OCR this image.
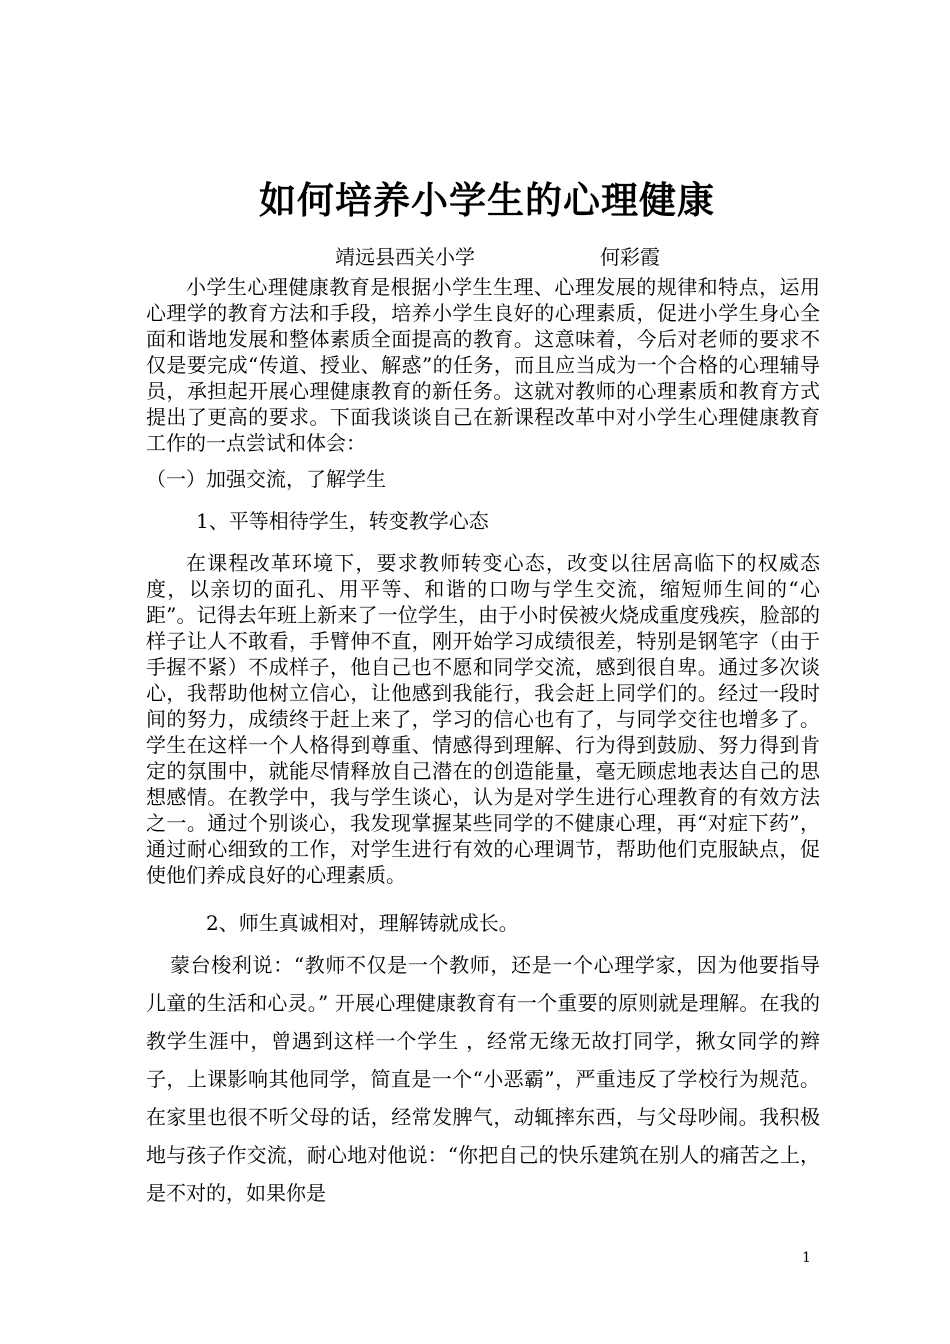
如何培养小学生的心理健康
靖远县西关小学	何彩霞

小学生心理健康教育是根据小学生生理、心理发展的规律和特点，运用心理学的教育方法和手段，培养小学生良好的心理素质，促进小学生身心全面和谐地发展和整体素质全面提高的教育。这意味着，今后对老师的要求不仅是要完成“传道、授业、解惑”的任务，而且应当成为一个合格的心理辅导员，承担起开展心理健康教育的新任务。这就对教师的心理素质和教育方式提出了更高的要求。下面我谈谈自己在新课程改革中对小学生心理健康教育工作的一点尝试和体会：

（一）加强交流，了解学生

1、平等相待学生，转变教学心态

在课程改革环境下，要求教师转变心态，改变以往居高临下的权威态度，以亲切的面孔、用平等、和谐的口吻与学生交流，缩短师生间的“心距”。记得去年班上新来了一位学生，由于小时侯被火烧成重度残疾，脸部的样子让人不敢看，手臂伸不直，刚开始学习成绩很差，特别是钢笔字（由于手握不紧）不成样子，他自己也不愿和同学交流，感到很自卑。通过多次谈心，我帮助他树立信心，让他感到我能行，我会赶上同学们的。经过一段时间的努力，成绩终于赶上来了，学习的信心也有了，与同学交往也增多了。学生在这样一个人格得到尊重、情感得到理解、行为得到鼓励、努力得到肯定的氛围中，就能尽情释放自己潜在的创造能量，毫无顾虑地表达自己的思想感情。在教学中，我与学生谈心，认为是对学生进行心理教育的有效方法之一。通过个别谈心，我发现掌握某些同学的不健康心理，再“对症下药”，通过耐心细致的工作，对学生进行有效的心理调节，帮助他们克服缺点，促使他们养成良好的心理素质。

2、师生真诚相对，理解铸就成长。

蒙台梭利说：“教师不仅是一个教师，还是一个心理学家，因为他要指导儿童的生活和心灵。” 开展心理健康教育有一个重要的原则就是理解。在我的教学生涯中，曾遇到这样一个学生 ，经常无缘无故打同学，揪女同学的辫子，上课影响其他同学，简直是一个“小恶霸”，严重违反了学校行为规范。在家里也很不听父母的话，经常发脾气，动辄摔东西，与父母吵闹。我积极地与孩子作交流，耐心地对他说：“你把自己的快乐建筑在别人的痛苦之上，是不对的，如果你是

1
